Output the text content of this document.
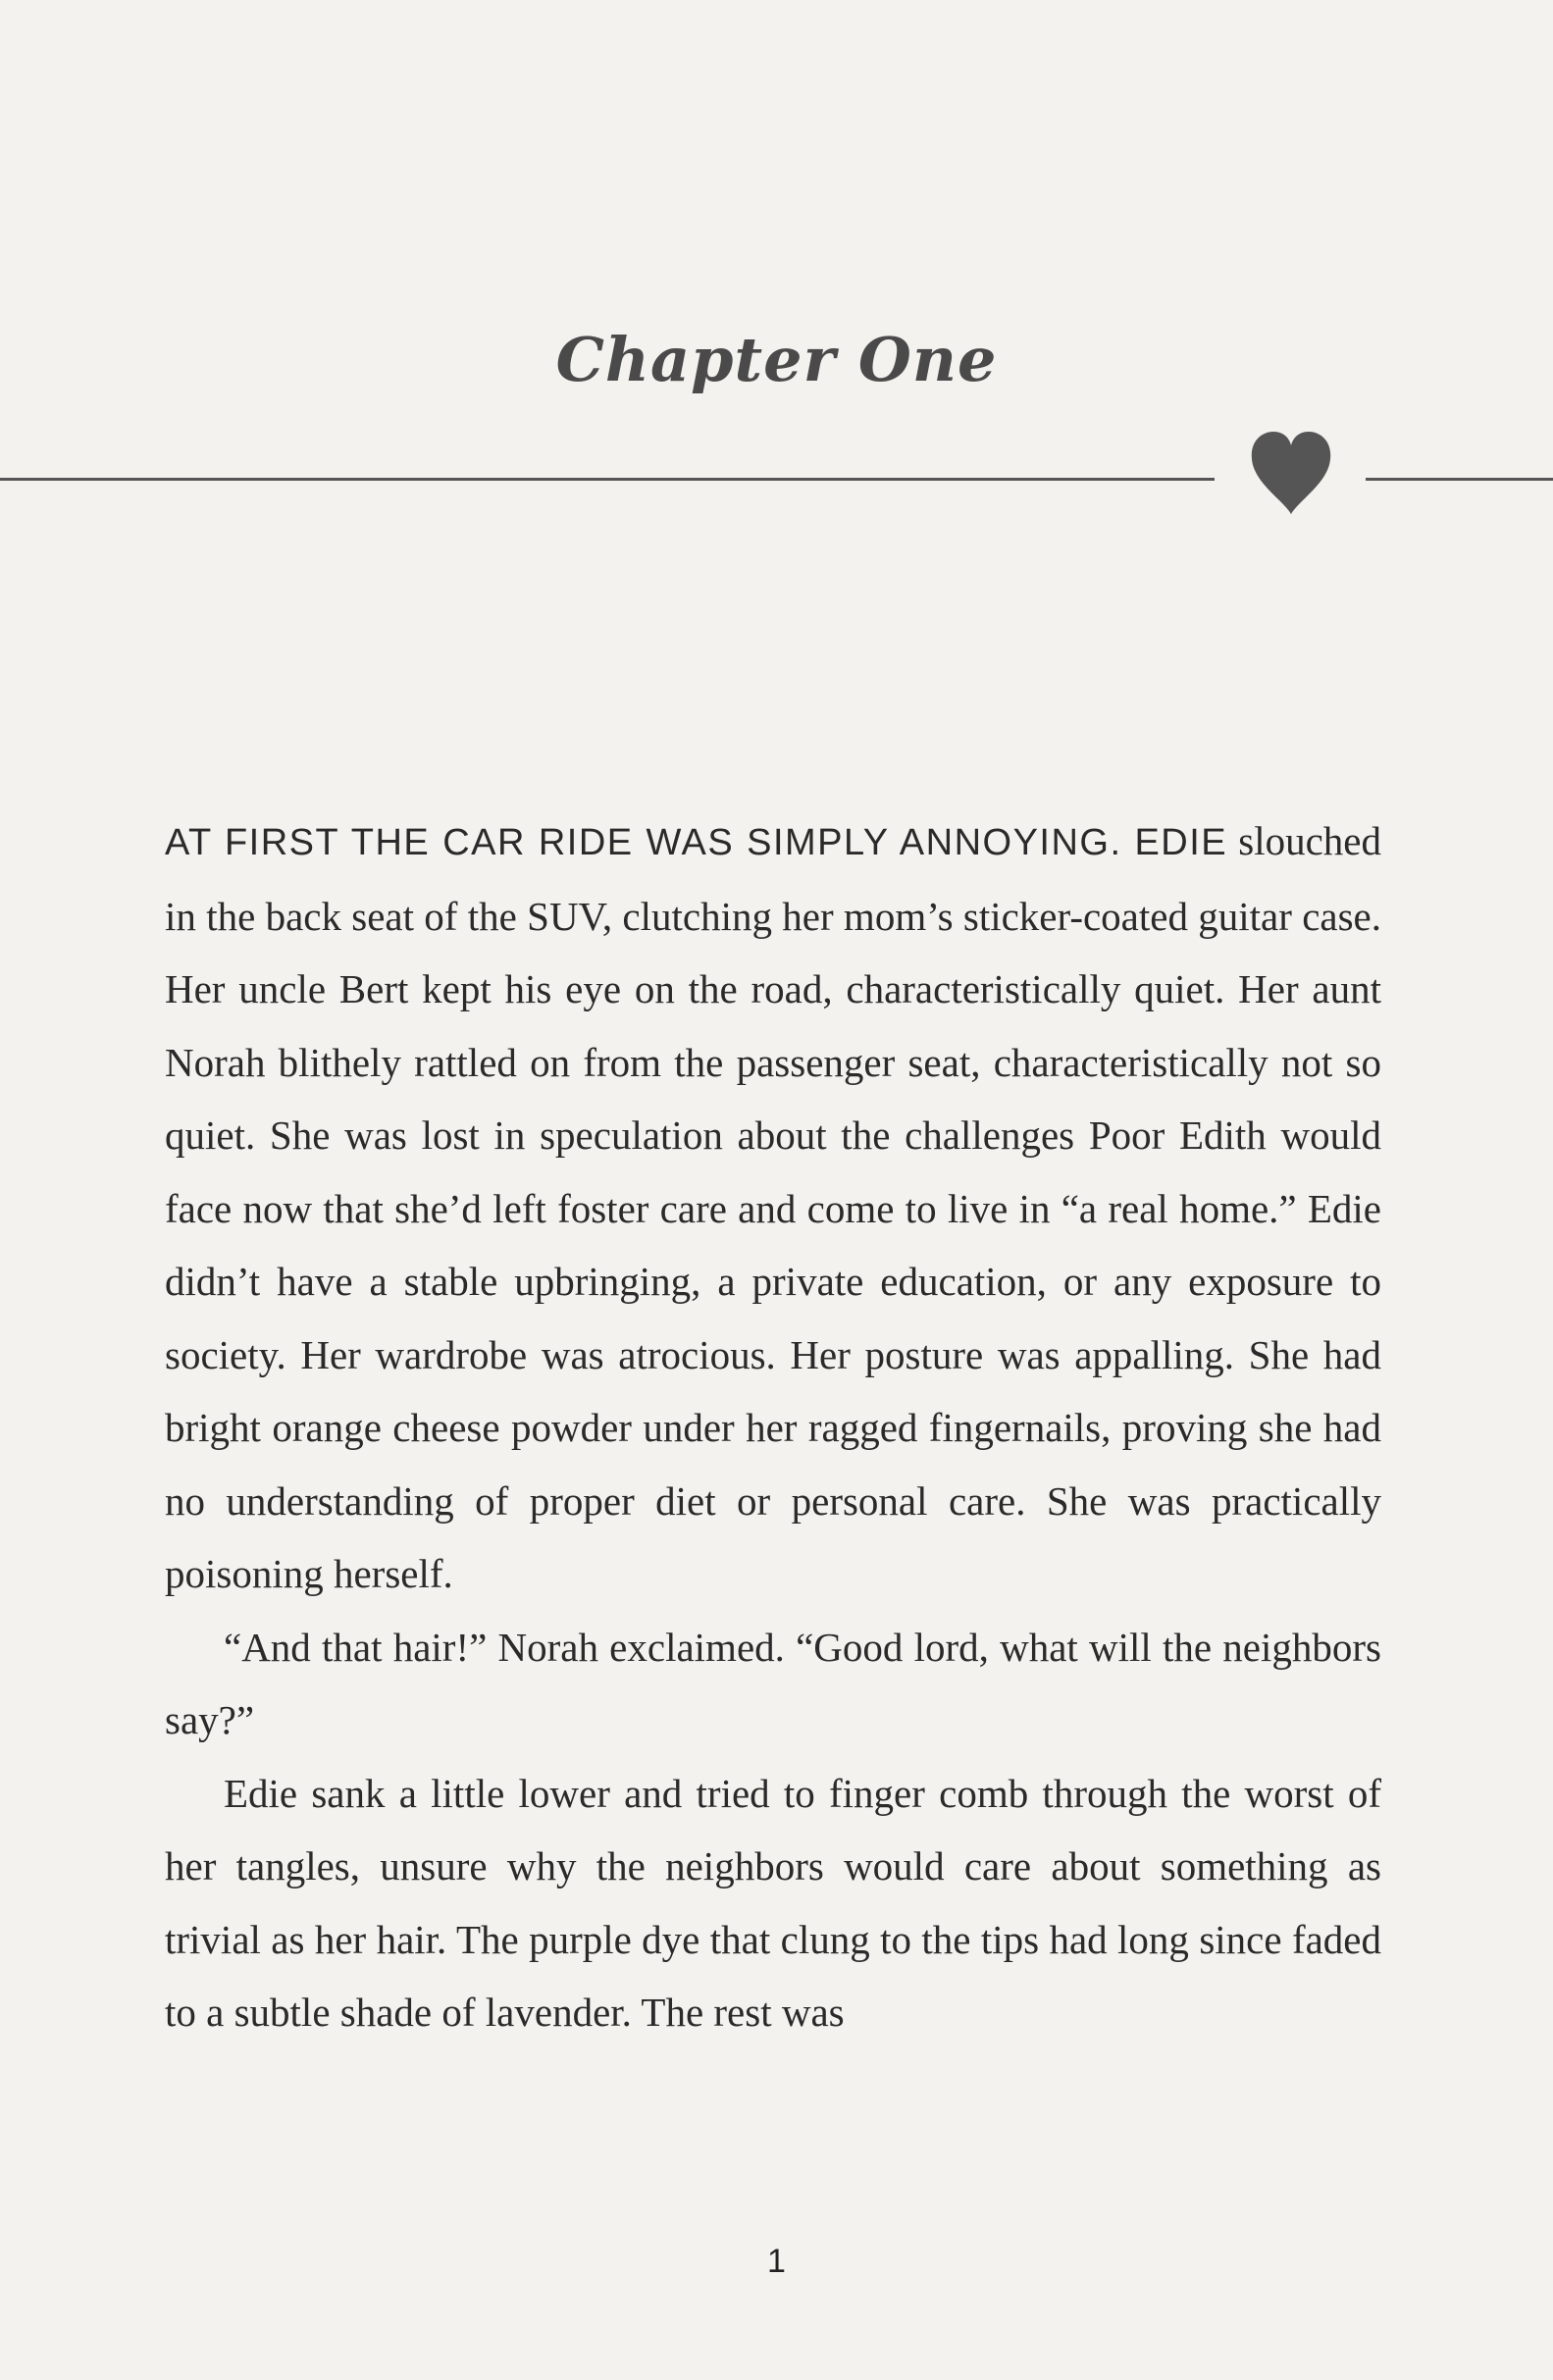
Chapter One

AT FIRST THE CAR RIDE WAS SIMPLY ANNOYING. EDIE slouched in the back seat of the SUV, clutching her mom’s sticker-coated guitar case. Her uncle Bert kept his eye on the road, characteristically quiet. Her aunt Norah blithely rattled on from the passenger seat, characteristically not so quiet. She was lost in speculation about the challenges Poor Edith would face now that she’d left foster care and come to live in “a real home.” Edie didn’t have a stable upbringing, a private education, or any exposure to society. Her wardrobe was atrocious. Her posture was appalling. She had bright orange cheese powder under her ragged fingernails, proving she had no understanding of proper diet or personal care. She was practically poisoning herself.

“And that hair!” Norah exclaimed. “Good lord, what will the neighbors say?”

Edie sank a little lower and tried to finger comb through the worst of her tangles, unsure why the neighbors would care about something as trivial as her hair. The purple dye that clung to the tips had long since faded to a subtle shade of lavender. The rest was

1
